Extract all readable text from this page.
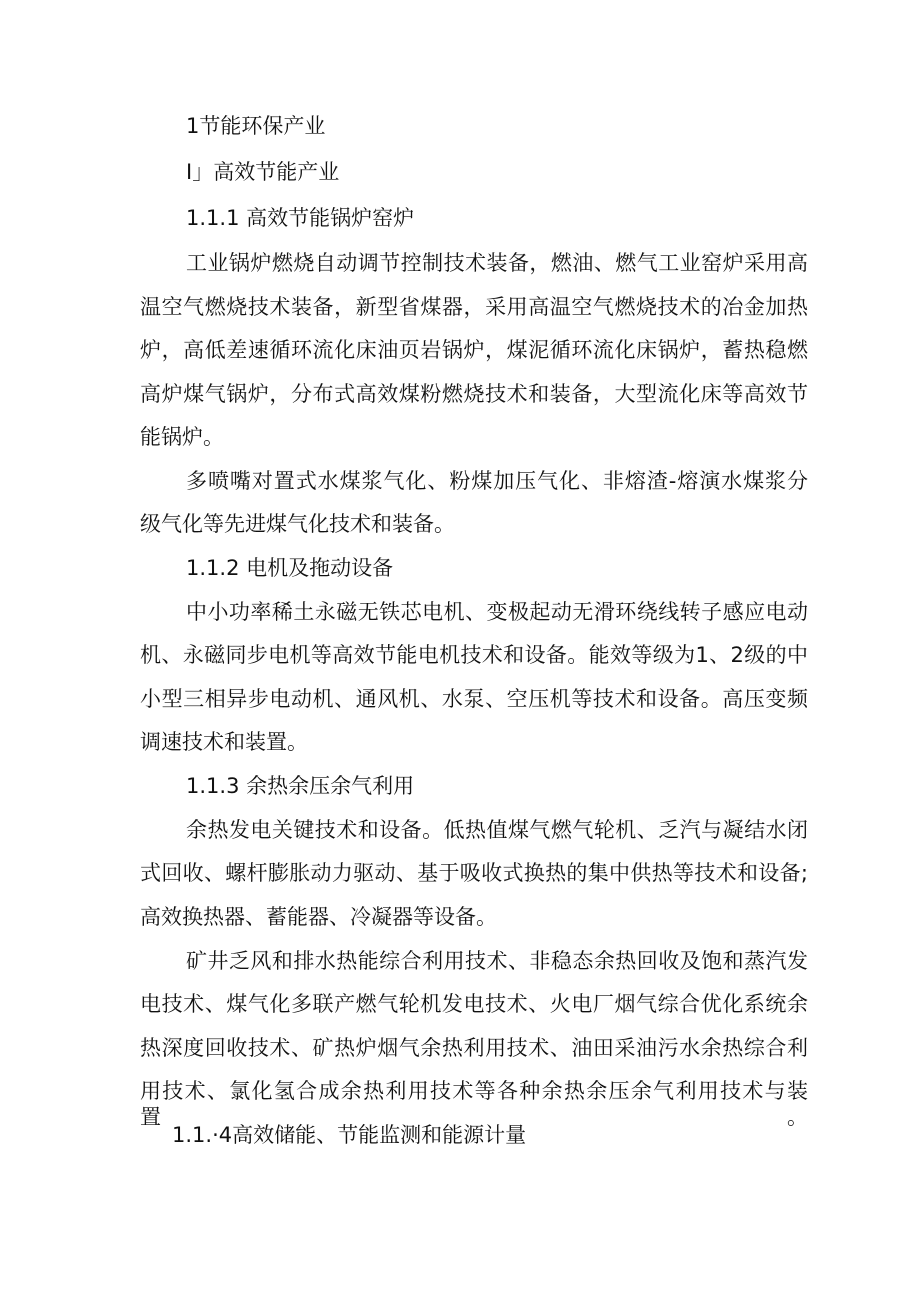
1节能环保产业
I」高效节能产业
1.1.1 高效节能锅炉窑炉
工业锅炉燃烧自动调节控制技术装备，燃油、燃气工业窑炉采用高
温空气燃烧技术装备，新型省煤器，采用高温空气燃烧技术的冶金加热
炉，高低差速循环流化床油页岩锅炉，煤泥循环流化床锅炉，蓄热稳燃
高炉煤气锅炉，分布式高效煤粉燃烧技术和装备，大型流化床等高效节
能锅炉。
多喷嘴对置式水煤浆气化、粉煤加压气化、非熔渣-熔演水煤浆分
级气化等先进煤气化技术和装备。
1.1.2 电机及拖动设备
中小功率稀土永磁无铁芯电机、变极起动无滑环绕线转子感应电动
机、永磁同步电机等高效节能电机技术和设备。能效等级为1、2级的中
小型三相异步电动机、通风机、水泵、空压机等技术和设备。高压变频
调速技术和装置。
1.1.3 余热余压余气利用
余热发电关键技术和设备。低热值煤气燃气轮机、乏汽与凝结水闭
式回收、螺杆膨胀动力驱动、基于吸收式换热的集中供热等技术和设备;
高效换热器、蓄能器、冷凝器等设备。
矿井乏风和排水热能综合利用技术、非稳态余热回收及饱和蒸汽发
电技术、煤气化多联产燃气轮机发电技术、火电厂烟气综合优化系统余
热深度回收技术、矿热炉烟气余热利用技术、油田采油污水余热综合利
用技术、氯化氢合成余热利用技术等各种余热余压余气利用技术与装置。
1.1.·4高效储能、节能监测和能源计量
